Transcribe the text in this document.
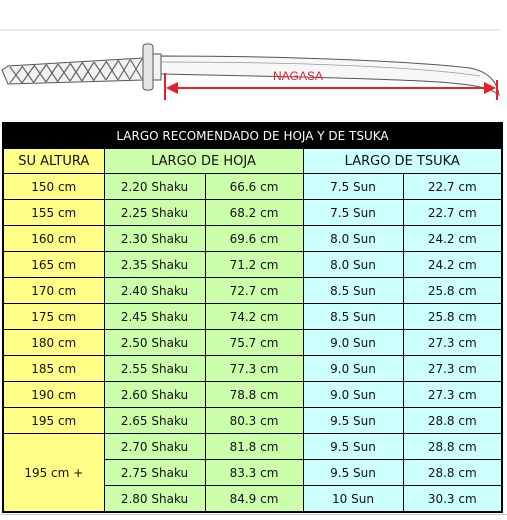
NAGASA
LARGO RECOMENDADO DE HOJA Y DE TSUKA				
SU ALTURA	LARGO DE HOJA		LARGO DE TSUKA	
150 cm	2.20 Shaku	66.6 cm	7.5 Sun	22.7 cm
155 cm	2.25 Shaku	68.2 cm	7.5 Sun	22.7 cm
160 cm	2.30 Shaku	69.6 cm	8.0 Sun	24.2 cm
165 cm	2.35 Shaku	71.2 cm	8.0 Sun	24.2 cm
170 cm	2.40 Shaku	72.7 cm	8.5 Sun	25.8 cm
175 cm	2.45 Shaku	74.2 cm	8.5 Sun	25.8 cm
180 cm	2.50 Shaku	75.7 cm	9.0 Sun	27.3 cm
185 cm	2.55 Shaku	77.3 cm	9.0 Sun	27.3 cm
190 cm	2.60 Shaku	78.8 cm	9.0 Sun	27.3 cm
195 cm	2.65 Shaku	80.3 cm	9.5 Sun	28.8 cm
195 cm +	2.70 Shaku	81.8 cm	9.5 Sun	28.8 cm
	2.75 Shaku	83.3 cm	9.5 Sun	28.8 cm
	2.80 Shaku	84.9 cm	10 Sun	30.3 cm
